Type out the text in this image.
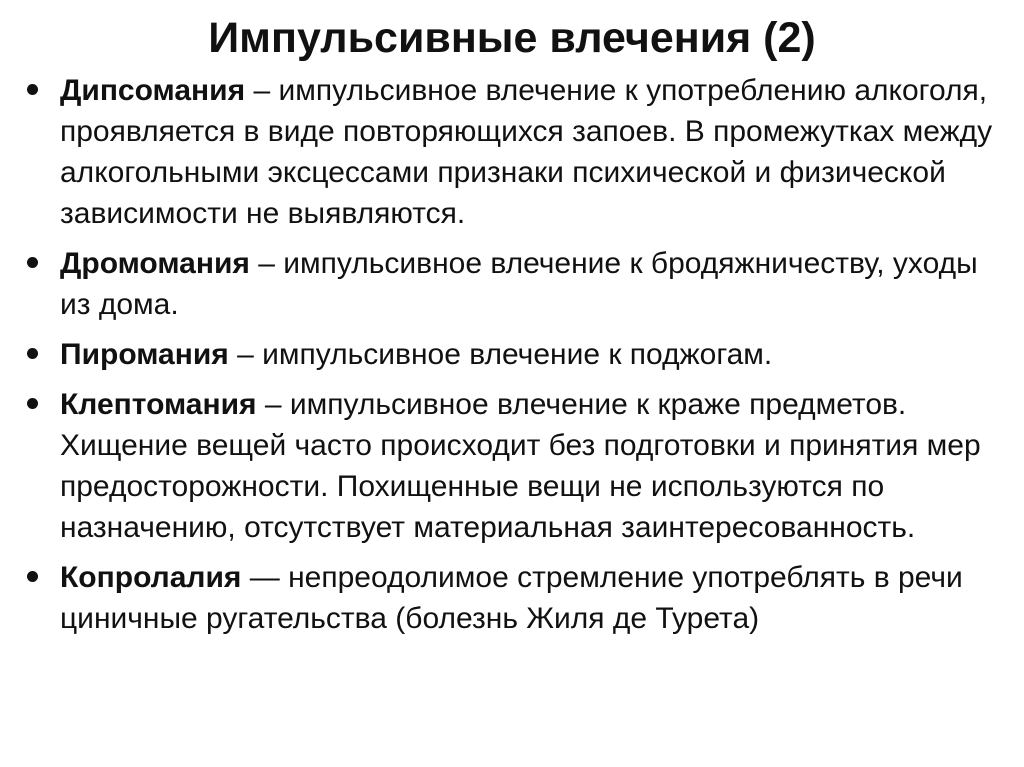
Импульсивные влечения (2)
Дипсомания – импульсивное влечение к употреблению алкоголя, проявляется в виде повторяющихся запоев. В промежутках между алкогольными эксцессами признаки психической и физической зависимости не выявляются.
Дромомания – импульсивное влечение к бродяжничеству, уходы из дома.
Пиромания – импульсивное влечение к поджогам.
Клептомания – импульсивное влечение к краже предметов. Хищение вещей часто происходит без подготовки и принятия мер предосторожности. Похищенные вещи не используются по назначению, отсутствует материальная заинтересованность.
Копролалия — непреодолимое стремление употреблять в речи циничные ругательства (болезнь Жиля де Турета)
